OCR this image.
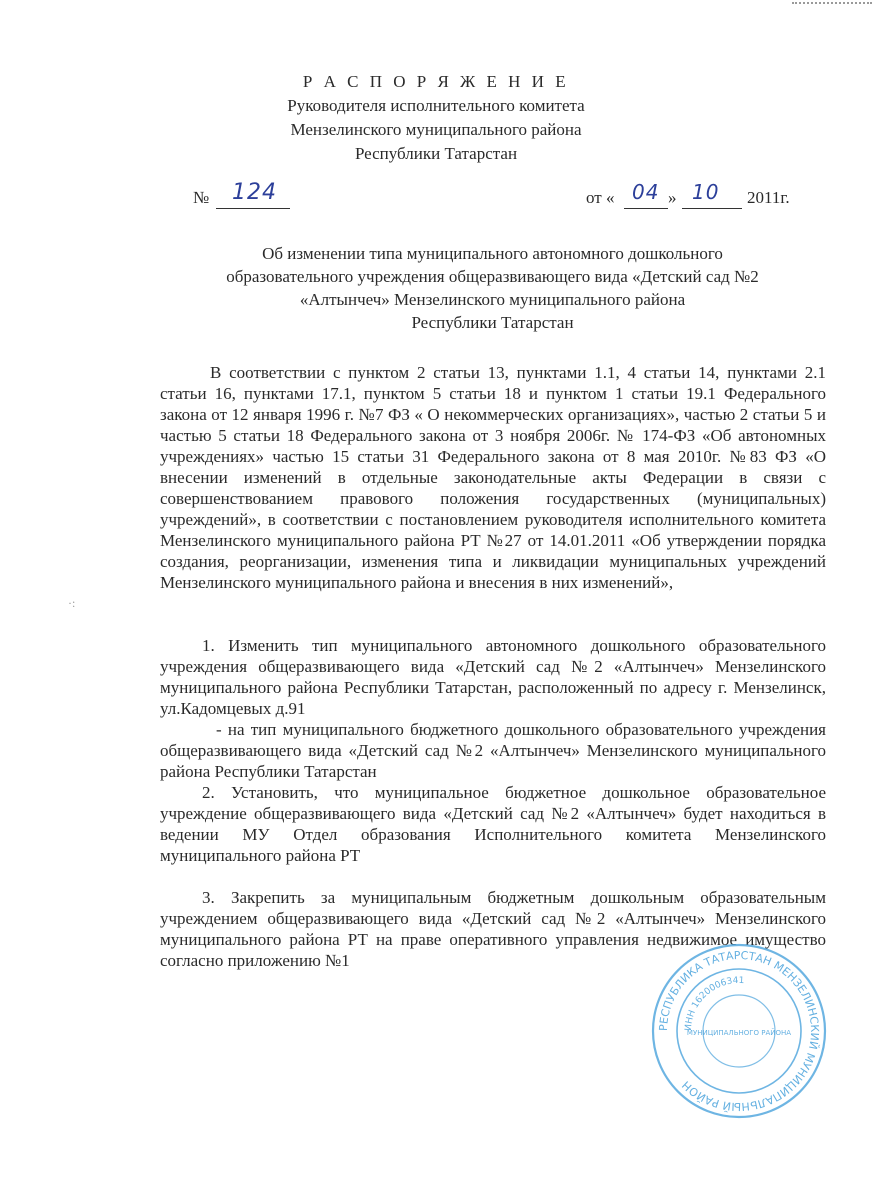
Р А С П О Р Я Ж Е Н И Е
Руководителя исполнительного комитета
Мензелинского муниципального района
Республики Татарстан
№ 124	от « 04 » 10 2011г.
Об изменении типа муниципального автономного дошкольного
образовательного учреждения общеразвивающего вида «Детский сад №2
«Алтынчеч» Мензелинского муниципального района
Республики Татарстан

В соответствии с пунктом 2 статьи 13, пунктами 1.1, 4 статьи 14, пунктами 2.1 статьи 16, пунктами 17.1, пунктом 5 статьи 18 и пунктом 1 статьи 19.1 Федерального закона от 12 января 1996 г. №7 ФЗ « О некоммерческих организациях», частью 2 статьи 5 и частью 5 статьи 18 Федерального закона от 3 ноября 2006г. № 174-ФЗ «Об автономных учреждениях» частью 15 статьи 31 Федерального закона от 8 мая 2010г. №83 ФЗ «О внесении изменений в отдельные законодательные акты Федерации в связи с совершенствованием правового положения государственных (муниципальных) учреждений», в соответствии с постановлением руководителя исполнительного комитета Мензелинского муниципального района РТ №27 от 14.01.2011 «Об утверждении порядка создания, реорганизации, изменения типа и ликвидации муниципальных учреждений Мензелинского муниципального района и внесения в них изменений»,

1. Изменить тип муниципального автономного дошкольного образовательного учреждения общеразвивающего вида «Детский сад №2 «Алтынчеч» Мензелинского муниципального района Республики Татарстан, расположенный по адресу г. Мензелинск, ул.Кадомцевых д.91

- на тип муниципального бюджетного дошкольного образовательного учреждения общеразвивающего вида «Детский сад №2 «Алтынчеч» Мензелинского муниципального района Республики Татарстан

2. Установить, что муниципальное бюджетное дошкольное образовательное учреждение общеразвивающего вида «Детский сад №2 «Алтынчеч» будет находиться в ведении МУ Отдел образования Исполнительного комитета Мензелинского муниципального района РТ

3. Закрепить за муниципальным бюджетным дошкольным образовательным учреждением общеразвивающего вида «Детский сад №2 «Алтынчеч» Мензелинского муниципального района РТ на праве оперативного управления недвижимое имущество согласно приложению №1

·:
РЕСПУБЛИКА ТАТАРСТАН МЕНЗЕЛИНСКИЙ МУНИЦИПАЛЬНЫЙ РАЙОН
ИНН 1620006341
МУНИЦИПАЛЬНОГО РАЙОНА
